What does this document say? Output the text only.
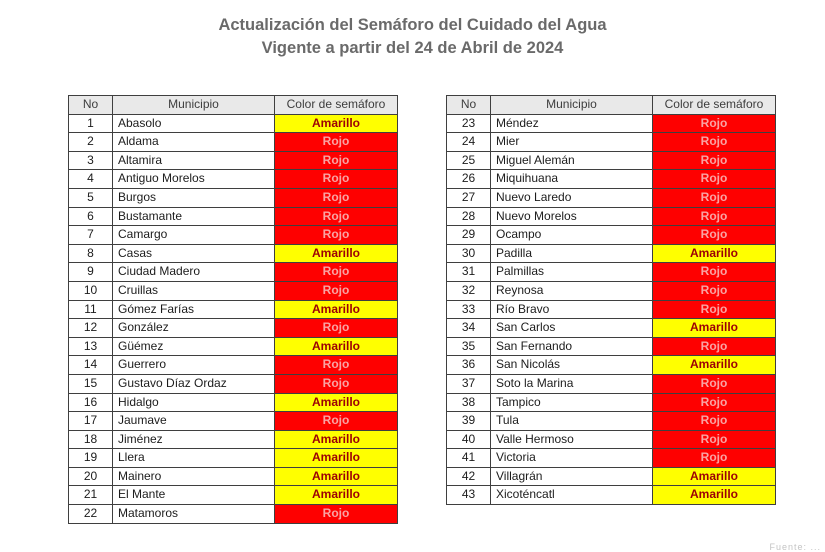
Actualización del Semáforo del Cuidado del Agua
Vigente a partir del 24 de Abril de 2024
No	Municipio	Color de semáforo
1	Abasolo	Amarillo
2	Aldama	Rojo
3	Altamira	Rojo
4	Antiguo Morelos	Rojo
5	Burgos	Rojo
6	Bustamante	Rojo
7	Camargo	Rojo
8	Casas	Amarillo
9	Ciudad Madero	Rojo
10	Cruillas	Rojo
11	Gómez Farías	Amarillo
12	González	Rojo
13	Güémez	Amarillo
14	Guerrero	Rojo
15	Gustavo Díaz Ordaz	Rojo
16	Hidalgo	Amarillo
17	Jaumave	Rojo
18	Jiménez	Amarillo
19	Llera	Amarillo
20	Mainero	Amarillo
21	El Mante	Amarillo
22	Matamoros	Rojo
No	Municipio	Color de semáforo
23	Méndez	Rojo
24	Mier	Rojo
25	Miguel Alemán	Rojo
26	Miquihuana	Rojo
27	Nuevo Laredo	Rojo
28	Nuevo Morelos	Rojo
29	Ocampo	Rojo
30	Padilla	Amarillo
31	Palmillas	Rojo
32	Reynosa	Rojo
33	Río Bravo	Rojo
34	San Carlos	Amarillo
35	San Fernando	Rojo
36	San Nicolás	Amarillo
37	Soto la Marina	Rojo
38	Tampico	Rojo
39	Tula	Rojo
40	Valle Hermoso	Rojo
41	Victoria	Rojo
42	Villagrán	Amarillo
43	Xicoténcatl	Amarillo
Fuente: ...
